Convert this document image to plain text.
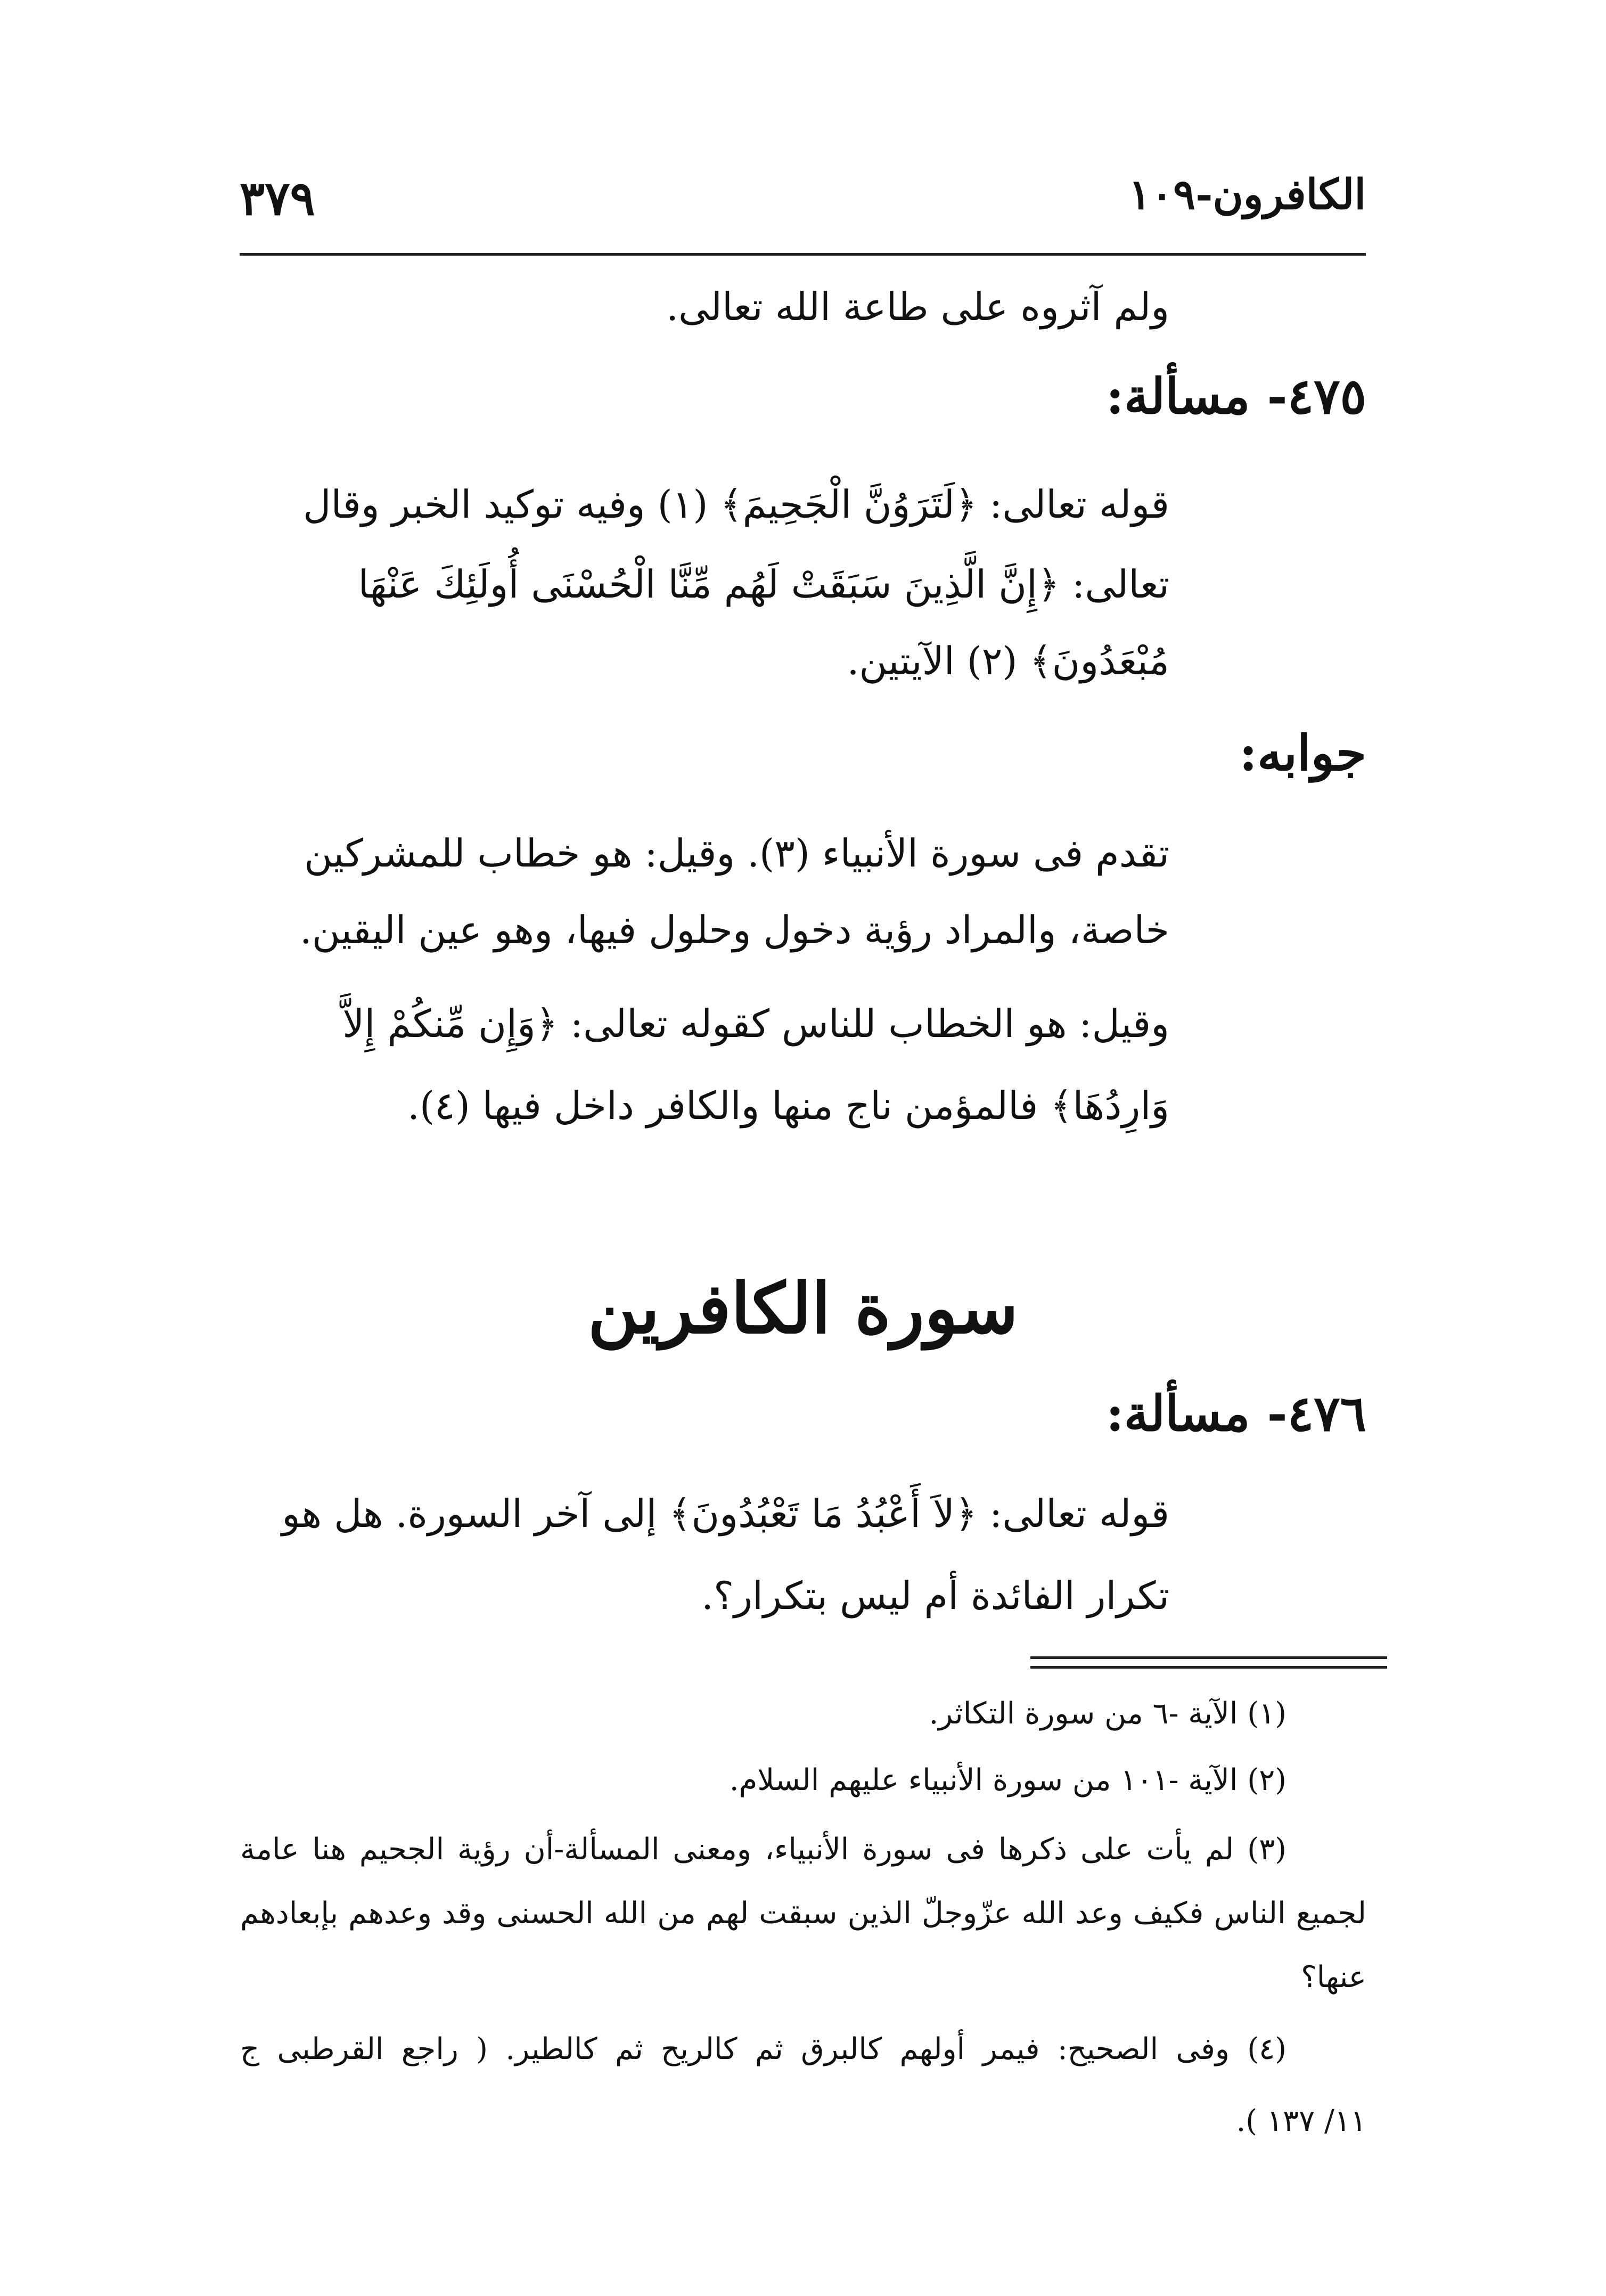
الكافرون-١٠٩
٣٧٩
ولم آثروه على طاعة الله تعالى.
٤٧٥- مسألة:
قوله تعالى: ﴿لَتَرَوُنَّ الْجَحِيمَ﴾ (١) وفيه توكيد الخبر وقال
تعالى: ﴿إِنَّ الَّذِينَ سَبَقَتْ لَهُم مِّنَّا الْحُسْنَى أُولَئِكَ عَنْهَا
مُبْعَدُونَ﴾ (٢) الآيتين.
جوابه:
تقدم فى سورة الأنبياء (٣). وقيل: هو خطاب للمشركين
خاصة، والمراد رؤية دخول وحلول فيها، وهو عين اليقين.
وقيل: هو الخطاب للناس كقوله تعالى: ﴿وَإِن مِّنكُمْ إِلاَّ
وَارِدُهَا﴾ فالمؤمن ناج منها والكافر داخل فيها (٤).
سورة الكافرين
٤٧٦- مسألة:
قوله تعالى: ﴿لاَ أَعْبُدُ مَا تَعْبُدُونَ﴾ إلى آخر السورة. هل هو
تكرار الفائدة أم ليس بتكرار؟.
(١) الآية -٦ من سورة التكاثر.
(٢) الآية -١٠١ من سورة الأنبياء عليهم السلام.
(٣) لم يأت على ذكرها فى سورة الأنبياء، ومعنى المسألة-أن رؤية الجحيم هنا عامة
لجميع الناس فكيف وعد الله عزّوجلّ الذين سبقت لهم من الله الحسنى وقد وعدهم بإبعادهم
عنها؟
(٤) وفى الصحيح: فيمر أولهم كالبرق ثم كالريح ثم كالطير. ( راجع القرطبى ج
١١/ ١٣٧ ).
